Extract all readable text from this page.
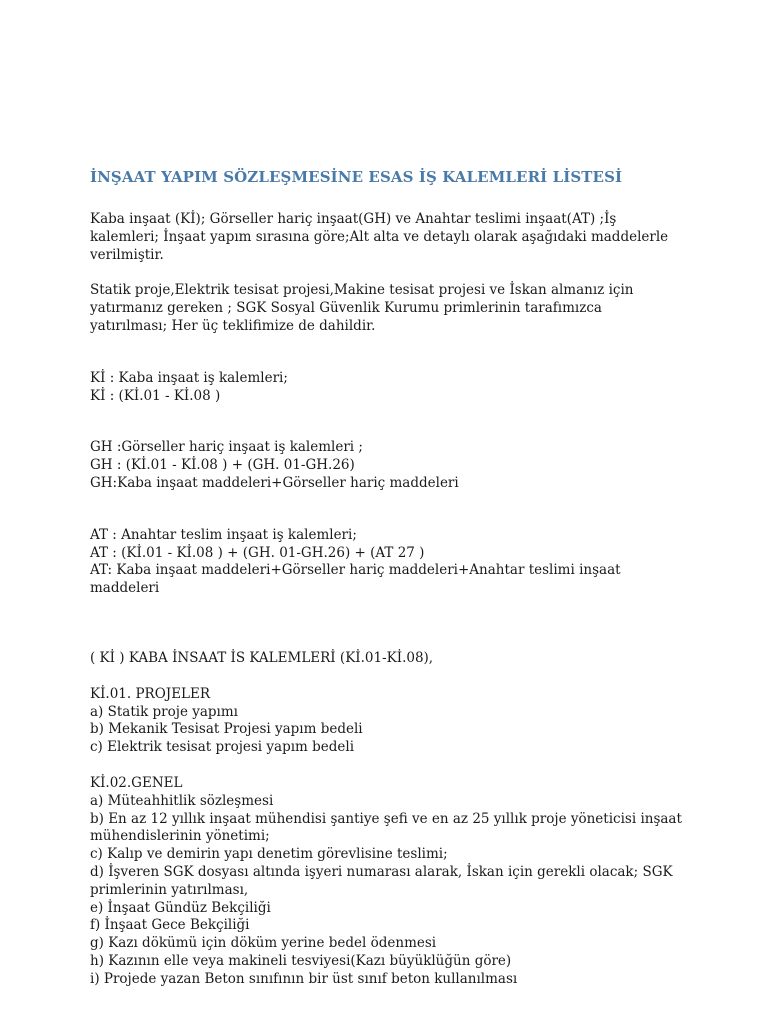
İNŞAAT YAPIM SÖZLEŞMESİNE ESAS İŞ KALEMLERİ LİSTESİ
Kaba inşaat (Kİ); Görseller hariç inşaat(GH) ve Anahtar teslimi inşaat(AT) ;İş
kalemleri; İnşaat yapım sırasına göre;Alt alta ve detaylı olarak aşağıdaki maddelerle
verilmiştir.
Statik proje,Elektrik tesisat projesi,Makine tesisat projesi ve İskan almanız için
yatırmanız gereken ; SGK Sosyal Güvenlik Kurumu primlerinin tarafımızca
yatırılması; Her üç teklifimize de dahildir.
Kİ : Kaba inşaat iş kalemleri;
Kİ : (Kİ.01 - Kİ.08 )
GH :Görseller hariç inşaat iş kalemleri ;
GH : (Kİ.01 - Kİ.08 ) + (GH. 01-GH.26)
GH:Kaba inşaat maddeleri+Görseller hariç maddeleri
AT : Anahtar teslim inşaat iş kalemleri;
AT : (Kİ.01 - Kİ.08 ) + (GH. 01-GH.26) + (AT 27 )
AT: Kaba inşaat maddeleri+Görseller hariç maddeleri+Anahtar teslimi inşaat
maddeleri
( Kİ ) KABA İNSAAT İS KALEMLERİ (Kİ.01-Kİ.08),
Kİ.01. PROJELER
a) Statik proje yapımı
b) Mekanik Tesisat Projesi yapım bedeli
c) Elektrik tesisat projesi yapım bedeli
Kİ.02.GENEL
a) Müteahhitlik sözleşmesi
b) En az 12 yıllık inşaat mühendisi şantiye şefi ve en az 25 yıllık proje yöneticisi inşaat
mühendislerinin yönetimi;
c) Kalıp ve demirin yapı denetim görevlisine teslimi;
d) İşveren SGK dosyası altında işyeri numarası alarak, İskan için gerekli olacak; SGK
primlerinin yatırılması,
e) İnşaat Gündüz Bekçiliği
f) İnşaat Gece Bekçiliği
g) Kazı dökümü için döküm yerine bedel ödenmesi
h) Kazının elle veya makineli tesviyesi(Kazı büyüklüğün göre)
i) Projede yazan Beton sınıfının bir üst sınıf beton kullanılması
